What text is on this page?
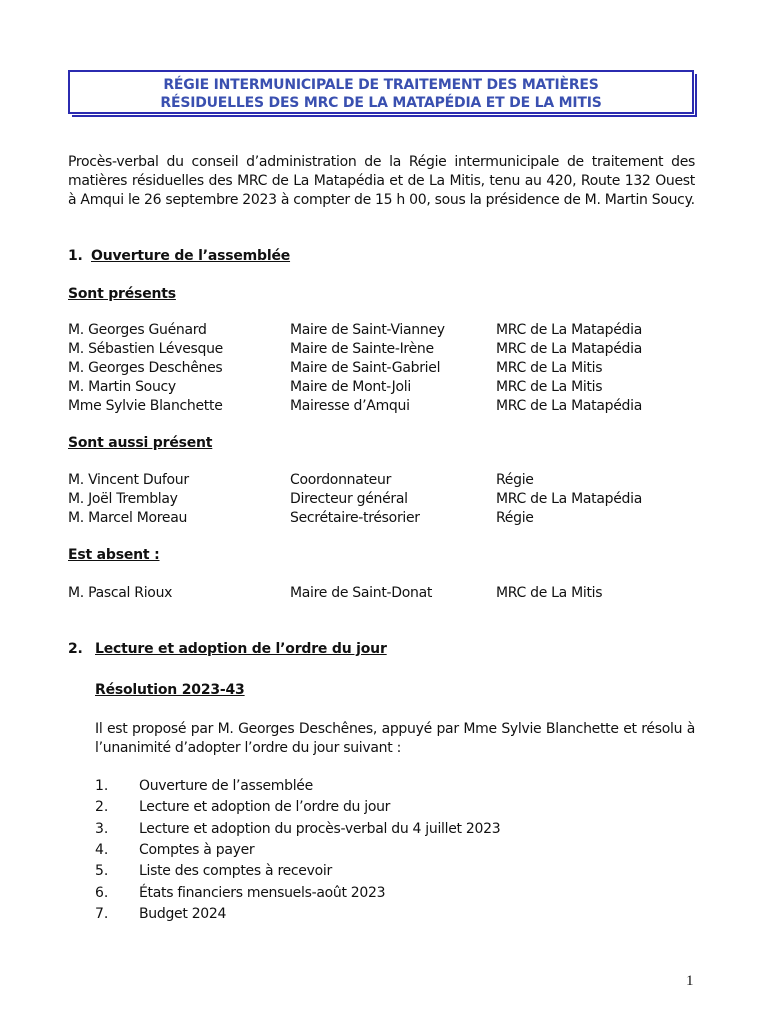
RÉGIE INTERMUNICIPALE DE TRAITEMENT DES MATIÈRES
RÉSIDUELLES DES MRC DE LA MATAPÉDIA ET DE LA MITIS
Procès-verbal du conseil d’administration de la Régie intermunicipale de traitement des matières résiduelles des MRC de La Matapédia et de La Mitis, tenu au 420, Route 132 Ouest à Amqui le 26 septembre 2023 à compter de 15 h 00, sous la présidence de M. Martin Soucy.
1. Ouverture de l’assemblée
Sont présents
M. Georges Guénard	Maire de Saint-Vianney	MRC de La Matapédia
M. Sébastien Lévesque	Maire de Sainte-Irène	MRC de La Matapédia
M. Georges Deschênes	Maire de Saint-Gabriel	MRC de La Mitis
M. Martin Soucy	Maire de Mont-Joli	MRC de La Mitis
Mme Sylvie Blanchette	Mairesse d’Amqui	MRC de La Matapédia
Sont aussi présent
M. Vincent Dufour	Coordonnateur	Régie
M. Joël Tremblay	Directeur général	MRC de La Matapédia
M. Marcel Moreau	Secrétaire-trésorier	Régie
Est absent :
M. Pascal Rioux	Maire de Saint-Donat	MRC de La Mitis
2. Lecture et adoption de l’ordre du jour
Résolution 2023-43
Il est proposé par M. Georges Deschênes, appuyé par Mme Sylvie Blanchette et résolu à l’unanimité d’adopter l’ordre du jour suivant :
1. Ouverture de l’assemblée
2. Lecture et adoption de l’ordre du jour
3. Lecture et adoption du procès-verbal du 4 juillet 2023
4. Comptes à payer
5. Liste des comptes à recevoir
6. États financiers mensuels-août 2023
7. Budget 2024
1
